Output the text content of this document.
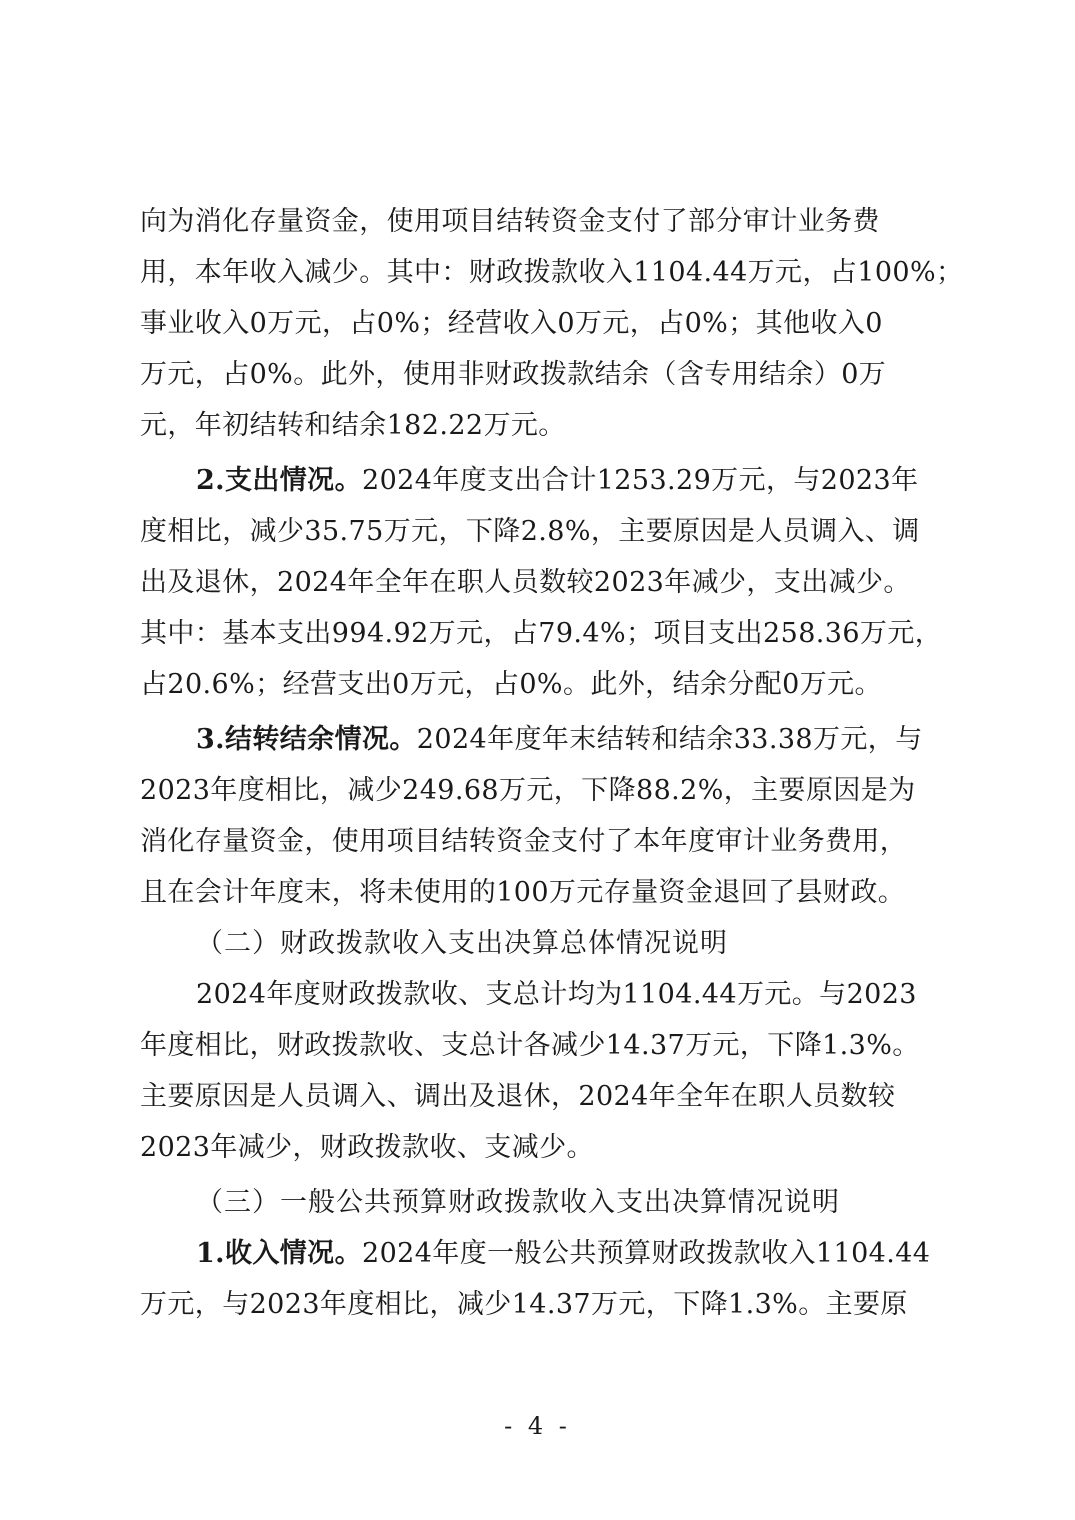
向为消化存量资金，使用项目结转资金支付了部分审计业务费
用，本年收入减少。其中：财政拨款收入1104.44万元，占100%；
事业收入0万元，占0%；经营收入0万元，占0%；其他收入0
万元，占0%。此外，使用非财政拨款结余（含专用结余）0万
元，年初结转和结余182.22万元。
2.支出情况。2024年度支出合计1253.29万元，与2023年
度相比，减少35.75万元，下降2.8%，主要原因是人员调入、调
出及退休，2024年全年在职人员数较2023年减少，支出减少。
其中：基本支出994.92万元，占79.4%；项目支出258.36万元，
占20.6%；经营支出0万元，占0%。此外，结余分配0万元。
3.结转结余情况。2024年度年末结转和结余33.38万元，与
2023年度相比，减少249.68万元，下降88.2%，主要原因是为
消化存量资金，使用项目结转资金支付了本年度审计业务费用，
且在会计年度末，将未使用的100万元存量资金退回了县财政。
（二）财政拨款收入支出决算总体情况说明
2024年度财政拨款收、支总计均为1104.44万元。与2023
年度相比，财政拨款收、支总计各减少14.37万元，下降1.3%。
主要原因是人员调入、调出及退休，2024年全年在职人员数较
2023年减少，财政拨款收、支减少。
（三）一般公共预算财政拨款收入支出决算情况说明
1.收入情况。2024年度一般公共预算财政拨款收入1104.44
万元，与2023年度相比，减少14.37万元，下降1.3%。主要原
- 4 -
